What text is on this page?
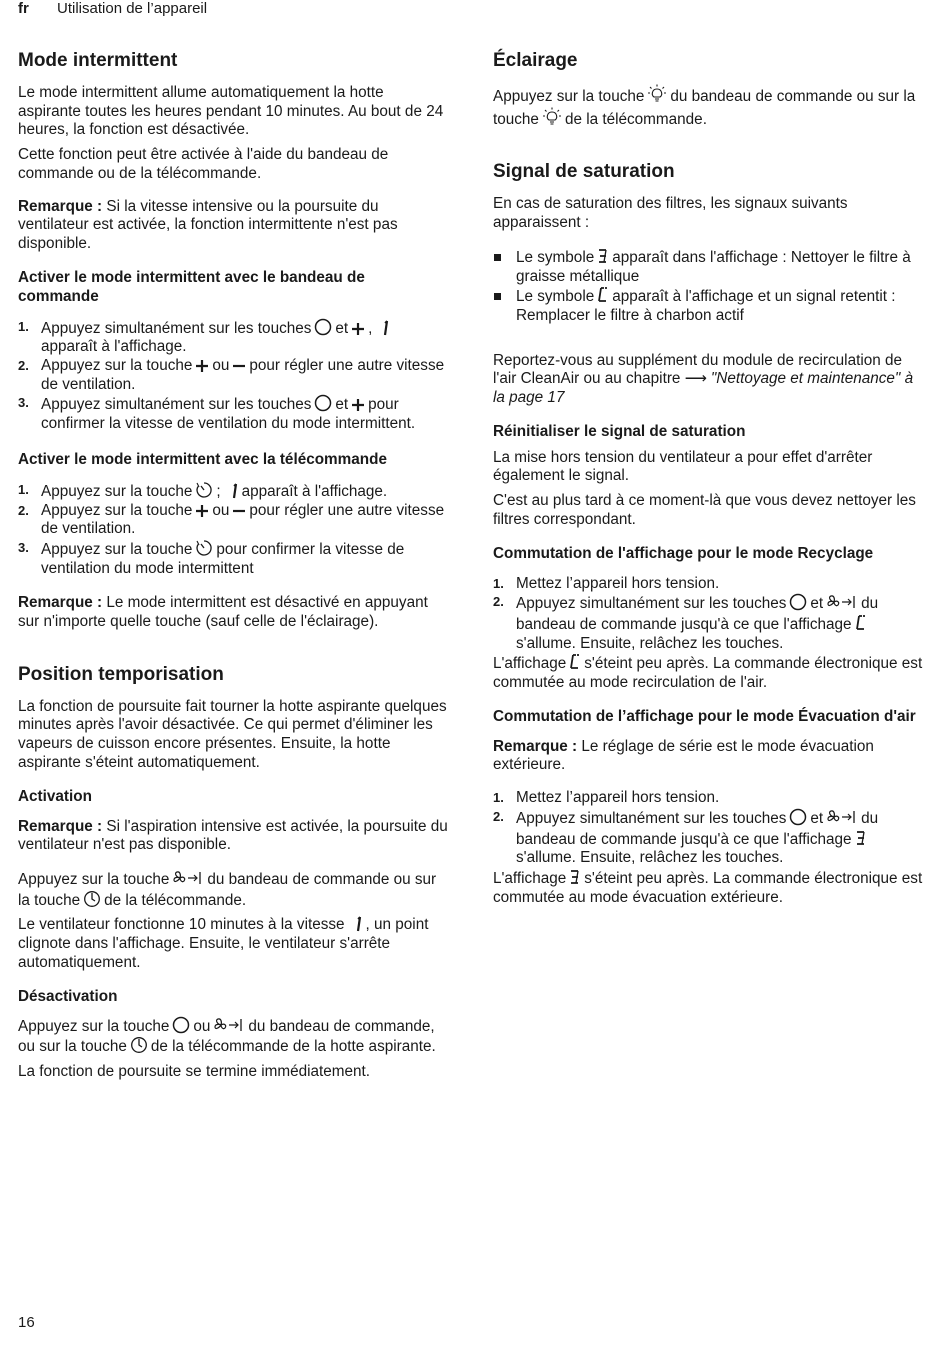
fr Utilisation de l’appareil
Mode intermittent

Le mode intermittent allume automatiquement la hotte aspirante toutes les heures pendant 10 minutes. Au bout de 24 heures, la fonction est désactivée.

Cette fonction peut être activée à l'aide du bandeau de commande ou de la télécommande.

Remarque : Si la vitesse intensive ou la poursuite du ventilateur est activée, la fonction intermittente n'est pas disponible.

Activer le mode intermittent avec le bandeau de commande
1. Appuyez simultanément sur les touches et ,

apparaît à l'affichage.
2. Appuyez sur la touche ou pour régler une autre vitesse de ventilation.
3. Appuyez simultanément sur les touches et pour confirmer la vitesse de ventilation du mode intermittent.
Activer le mode intermittent avec la télécommande
1. Appuyez sur la touche ; apparaît à l'affichage.
2. Appuyez sur la touche ou pour régler une autre vitesse de ventilation.
3. Appuyez sur la touche pour confirmer la vitesse de ventilation du mode intermittent

Remarque : Le mode intermittent est désactivé en appuyant sur n'importe quelle touche (sauf celle de l'éclairage).

Position temporisation

La fonction de poursuite fait tourner la hotte aspirante quelques minutes après l'avoir désactivée. Ce qui permet d'éliminer les vapeurs de cuisson encore présentes. Ensuite, la hotte aspirante s'éteint automatiquement.

Activation

Remarque : Si l'aspiration intensive est activée, la poursuite du ventilateur n'est pas disponible.

Appuyez sur la touche du bandeau de commande ou sur la touche de la télécommande.

Le ventilateur fonctionne 10 minutes à la vitesse , un point clignote dans l'affichage. Ensuite, le ventilateur s'arrête automatiquement.

Désactivation

Appuyez sur la touche ou du bandeau de commande, ou sur la touche de la télécommande de la hotte aspirante.

La fonction de poursuite se termine immédiatement.

Éclairage

Appuyez sur la touche du bandeau de commande ou sur la touche de la télécommande.

Signal de saturation

En cas de saturation des filtres, les signaux suivants apparaissent :

Le symbole apparaît dans l'affichage : Nettoyer le filtre à graisse métallique
Le symbole apparaît à l'affichage et un signal retentit : Remplacer le filtre à charbon actif

Reportez-vous au supplément du module de recirculation de l'air CleanAir ou au chapitre ⟶ "Nettoyage et maintenance" à la page 17

Réinitialiser le signal de saturation

La mise hors tension du ventilateur a pour effet d'arrêter également le signal.

C'est au plus tard à ce moment-là que vous devez nettoyer les filtres correspondant.

Commutation de l'affichage pour le mode Recyclage
1. Mettez l’appareil hors tension.
2. Appuyez simultanément sur les touches et du bandeau de commande jusqu'à ce que l'affichage
s'allume. Ensuite, relâchez les touches.

L'affichage s'éteint peu après. La commande électronique est commutée au mode recirculation de l'air.

Commutation de l’affichage pour le mode Évacuation d'air

Remarque : Le réglage de série est le mode évacuation extérieure.

1. Mettez l’appareil hors tension.
2. Appuyez simultanément sur les touches et du bandeau de commande jusqu'à ce que l'affichage
s'allume. Ensuite, relâchez les touches.

L'affichage s'éteint peu après. La commande électronique est commutée au mode évacuation extérieure.

16
